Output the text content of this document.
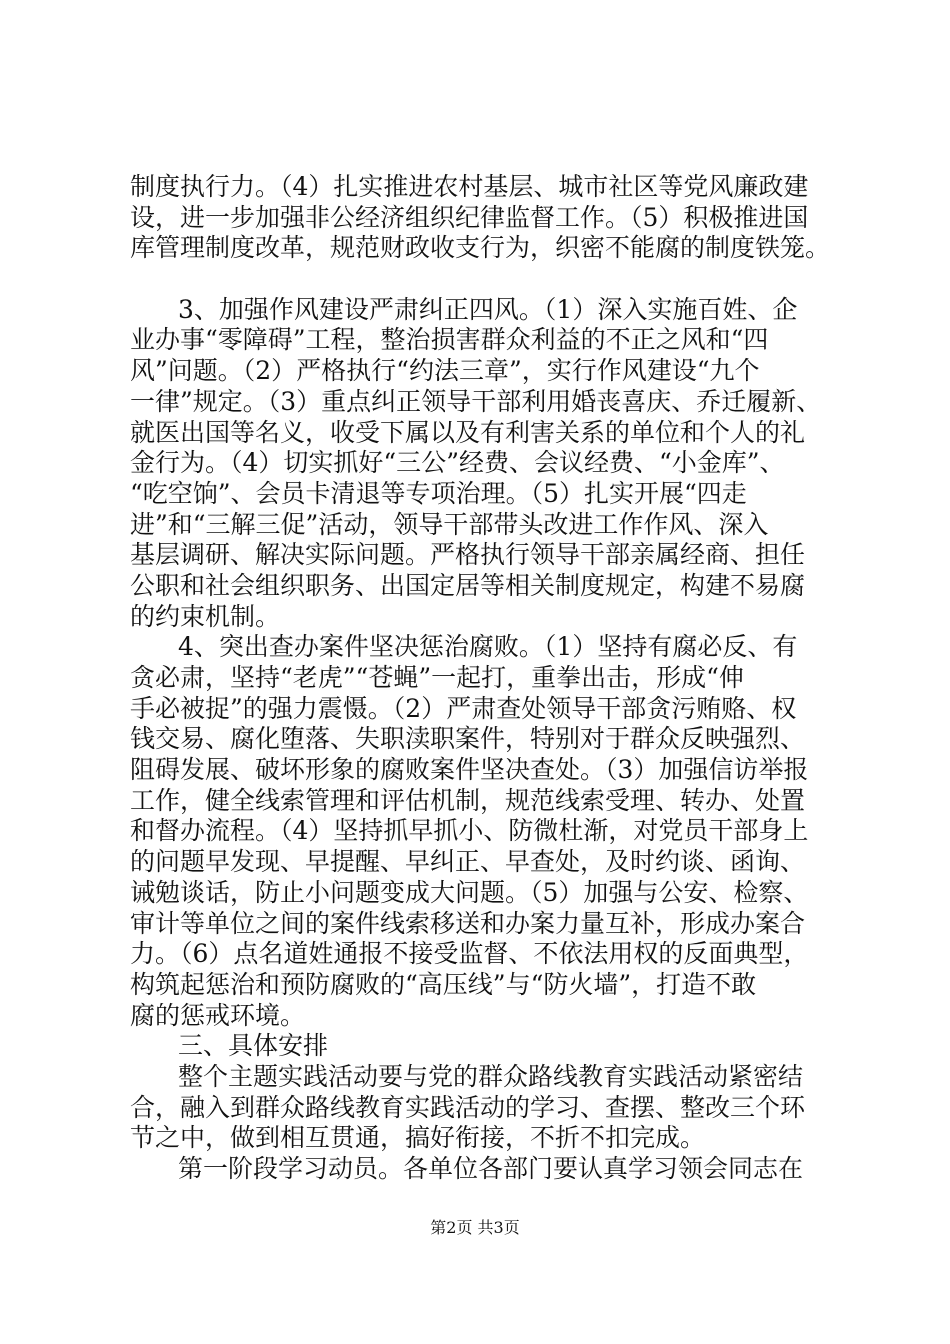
制度执行力。（4）扎实推进农村基层、城市社区等党风廉政建
设，进一步加强非公经济组织纪律监督工作。（5）积极推进国
库管理制度改革，规范财政收支行为，织密不能腐的制度铁笼。
3、加强作风建设严肃纠正四风。（1）深入实施百姓、企
业办事“零障碍”工程，整治损害群众利益的不正之风和“四
风”问题。（2）严格执行“约法三章”，实行作风建设“九个
一律”规定。（3）重点纠正领导干部利用婚丧喜庆、乔迁履新、
就医出国等名义，收受下属以及有利害关系的单位和个人的礼
金行为。（4）切实抓好“三公”经费、会议经费、“小金库”、
“吃空饷”、会员卡清退等专项治理。（5）扎实开展“四走
进”和“三解三促”活动，领导干部带头改进工作作风、深入
基层调研、解决实际问题。严格执行领导干部亲属经商、担任
公职和社会组织职务、出国定居等相关制度规定，构建不易腐
的约束机制。
4、突出查办案件坚决惩治腐败。（1）坚持有腐必反、有
贪必肃，坚持“老虎”“苍蝇”一起打，重拳出击，形成“伸
手必被捉”的强力震慑。（2）严肃查处领导干部贪污贿赂、权
钱交易、腐化堕落、失职渎职案件，特别对于群众反映强烈、
阻碍发展、破坏形象的腐败案件坚决查处。（3）加强信访举报
工作，健全线索管理和评估机制，规范线索受理、转办、处置
和督办流程。（4）坚持抓早抓小、防微杜渐，对党员干部身上
的问题早发现、早提醒、早纠正、早查处，及时约谈、函询、
诫勉谈话，防止小问题变成大问题。（5）加强与公安、检察、
审计等单位之间的案件线索移送和办案力量互补，形成办案合
力。（6）点名道姓通报不接受监督、不依法用权的反面典型，
构筑起惩治和预防腐败的“高压线”与“防火墙”，打造不敢
腐的惩戒环境。
三、具体安排
整个主题实践活动要与党的群众路线教育实践活动紧密结
合，融入到群众路线教育实践活动的学习、查摆、整改三个环
节之中，做到相互贯通，搞好衔接，不折不扣完成。
第一阶段学习动员。各单位各部门要认真学习领会同志在
第2页 共3页
